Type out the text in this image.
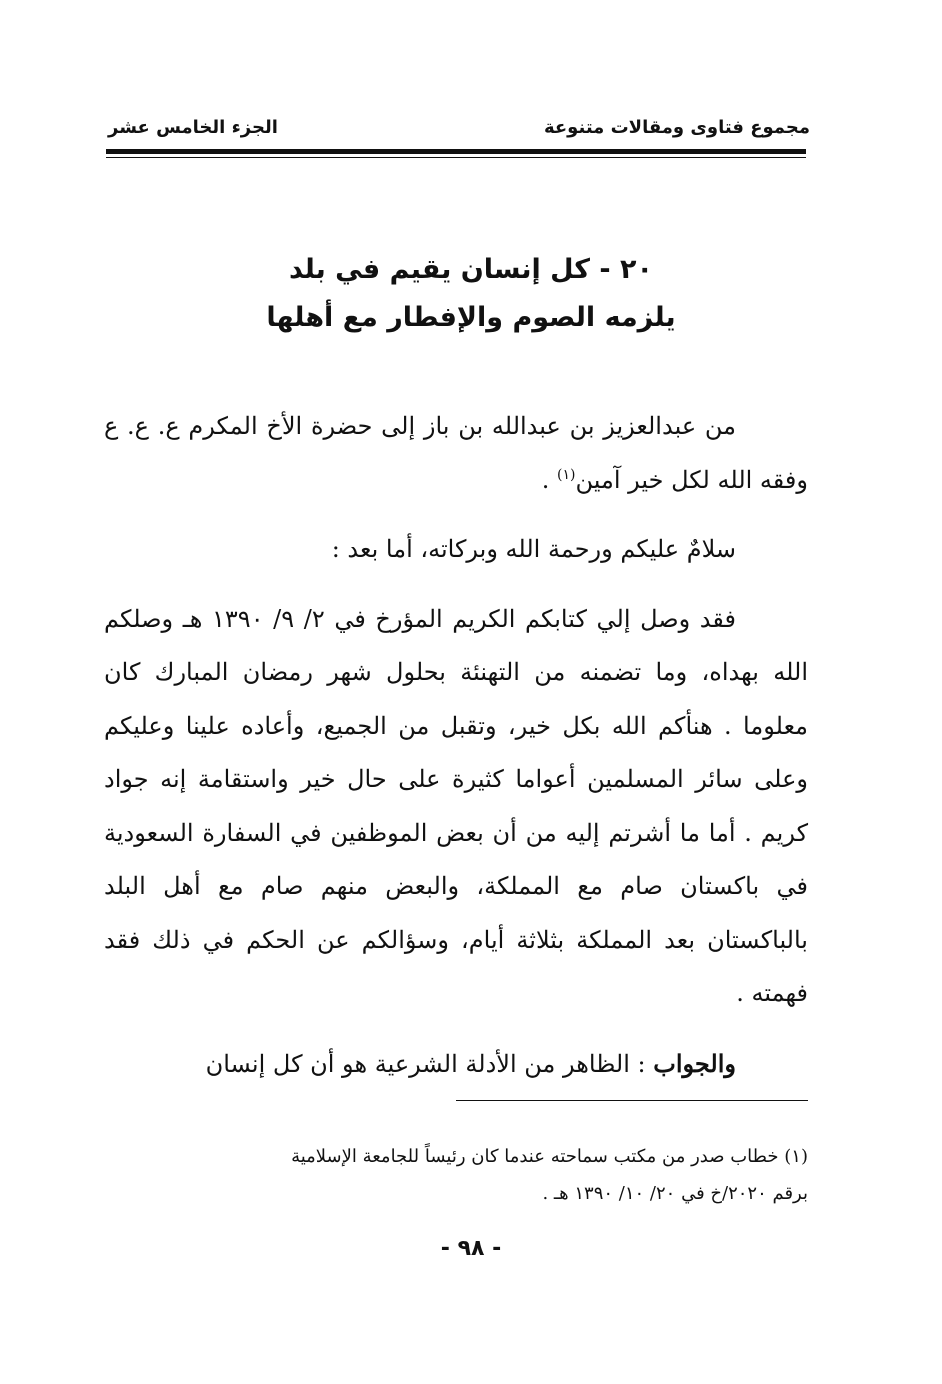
مجموع فتاوى ومقالات متنوعة
الجزء الخامس عشر
٢٠ - كل إنسان يقيم في بلد
يلزمه الصوم والإفطار مع أهلها

من عبدالعزيز بن عبدالله بن باز إلى حضرة الأخ المكرم ع. ع. ع وفقه الله لكل خير آمين$^{(١)}$ .

سلامٌ عليكم ورحمة الله وبركاته، أما بعد :

فقد وصل إلي كتابكم الكريم المؤرخ في ٢/ ٩/ ١٣٩٠ هـ وصلكم الله بهداه، وما تضمنه من التهنئة بحلول شهر رمضان المبارك كان معلوما . هنأكم الله بكل خير، وتقبل من الجميع، وأعاده علينا وعليكم وعلى سائر المسلمين أعواما كثيرة على حال خير واستقامة إنه جواد كريم . أما ما أشرتم إليه من أن بعض الموظفين في السفارة السعودية في باكستان صام مع المملكة، والبعض منهم صام مع أهل البلد بالباكستان بعد المملكة بثلاثة أيام، وسؤالكم عن الحكم في ذلك فقد فهمته .

والجواب : الظاهر من الأدلة الشرعية هو أن كل إنسان

(١) خطاب صدر من مكتب سماحته عندما كان رئيساً للجامعة الإسلامية

برقم ٢٠٢٠/خ في ٢٠/ ١٠/ ١٣٩٠ هـ .

- ٩٨ -
